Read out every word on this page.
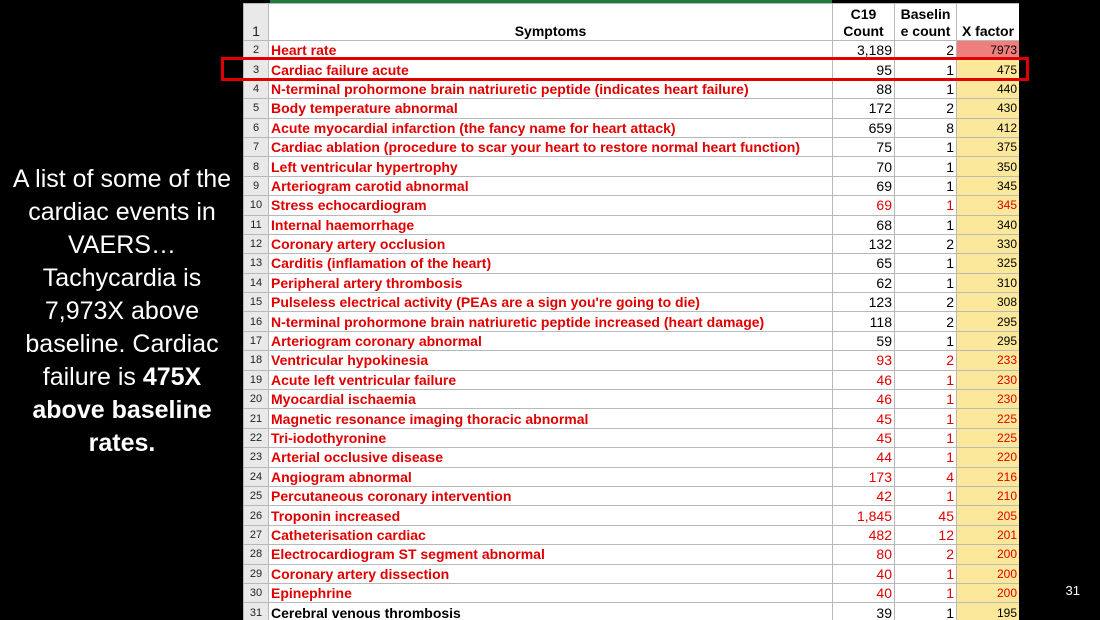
A list of some of the cardiac events in VAERS… Tachycardia is 7,973X above baseline. Cardiac failure is 475X above baseline rates.
1	Symptoms	C19 Count	Baseline count	X factor
2	Heart rate	3,189	2	7973
3	Cardiac failure acute	95	1	475
4	N-terminal prohormone brain natriuretic peptide (indicates heart failure)	88	1	440
5	Body temperature abnormal	172	2	430
6	Acute myocardial infarction (the fancy name for heart attack)	659	8	412
7	Cardiac ablation (procedure to scar your heart to restore normal heart function)	75	1	375
8	Left ventricular hypertrophy	70	1	350
9	Arteriogram carotid abnormal	69	1	345
10	Stress echocardiogram	69	1	345
11	Internal haemorrhage	68	1	340
12	Coronary artery occlusion	132	2	330
13	Carditis (inflamation of the heart)	65	1	325
14	Peripheral artery thrombosis	62	1	310
15	Pulseless electrical activity (PEAs are a sign you're going to die)	123	2	308
16	N-terminal prohormone brain natriuretic peptide increased (heart damage)	118	2	295
17	Arteriogram coronary abnormal	59	1	295
18	Ventricular hypokinesia	93	2	233
19	Acute left ventricular failure	46	1	230
20	Myocardial ischaemia	46	1	230
21	Magnetic resonance imaging thoracic abnormal	45	1	225
22	Tri-iodothyronine	45	1	225
23	Arterial occlusive disease	44	1	220
24	Angiogram abnormal	173	4	216
25	Percutaneous coronary intervention	42	1	210
26	Troponin increased	1,845	45	205
27	Catheterisation cardiac	482	12	201
28	Electrocardiogram ST segment abnormal	80	2	200
29	Coronary artery dissection	40	1	200
30	Epinephrine	40	1	200
31	Cerebral venous thrombosis	39	1	195
31
